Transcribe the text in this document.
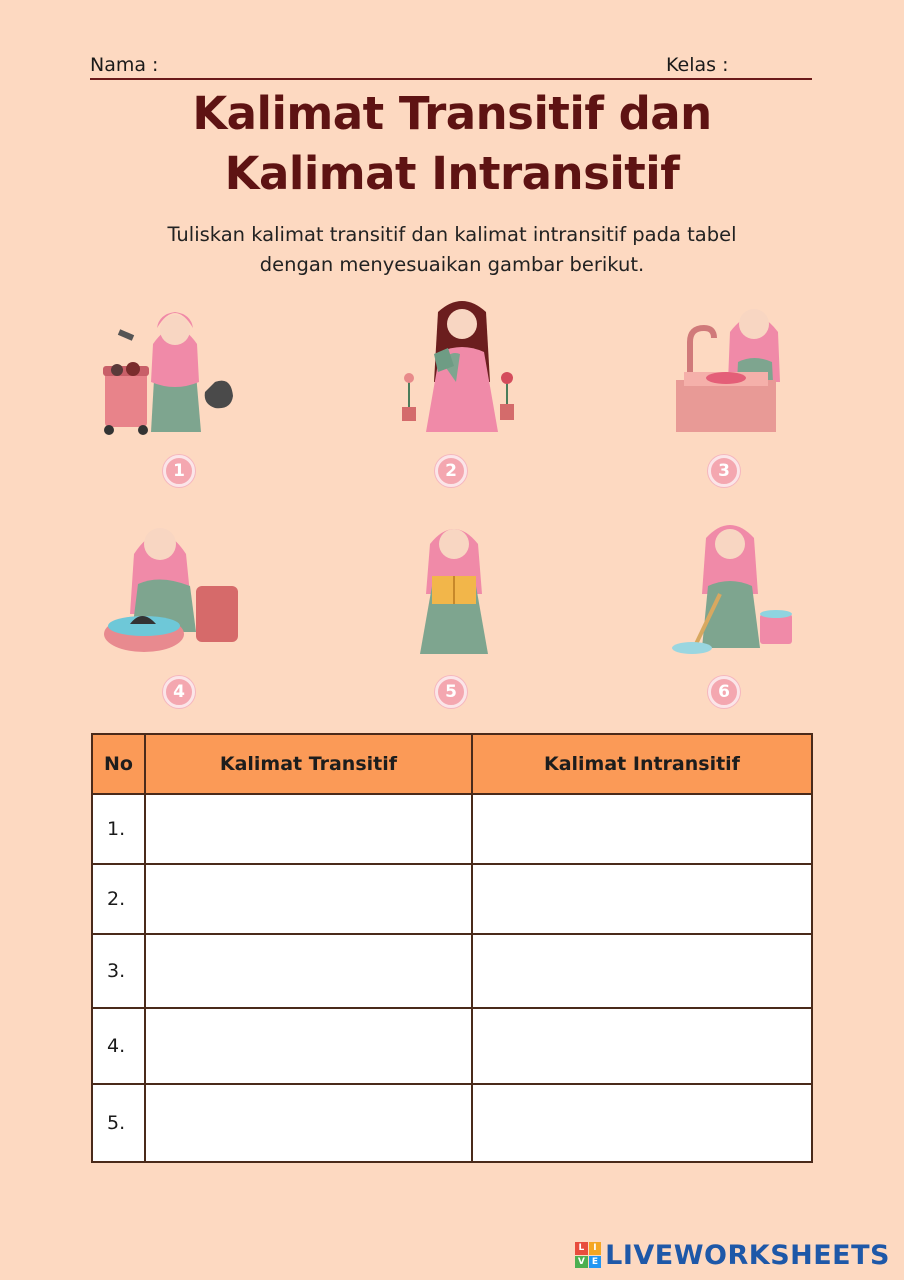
Nama :	Kelas :
Kalimat Transitif dan
Kalimat Intransitif
Tuliskan kalimat transitif dan kalimat intransitif pada tabel
dengan menyesuaikan gambar berikut.
1	2	3
4	5	6
No	Kalimat Transitif	Kalimat Intransitif
1.		
2.		
3.		
4.		
5.		
L I
V E LIVEWORKSHEETS
